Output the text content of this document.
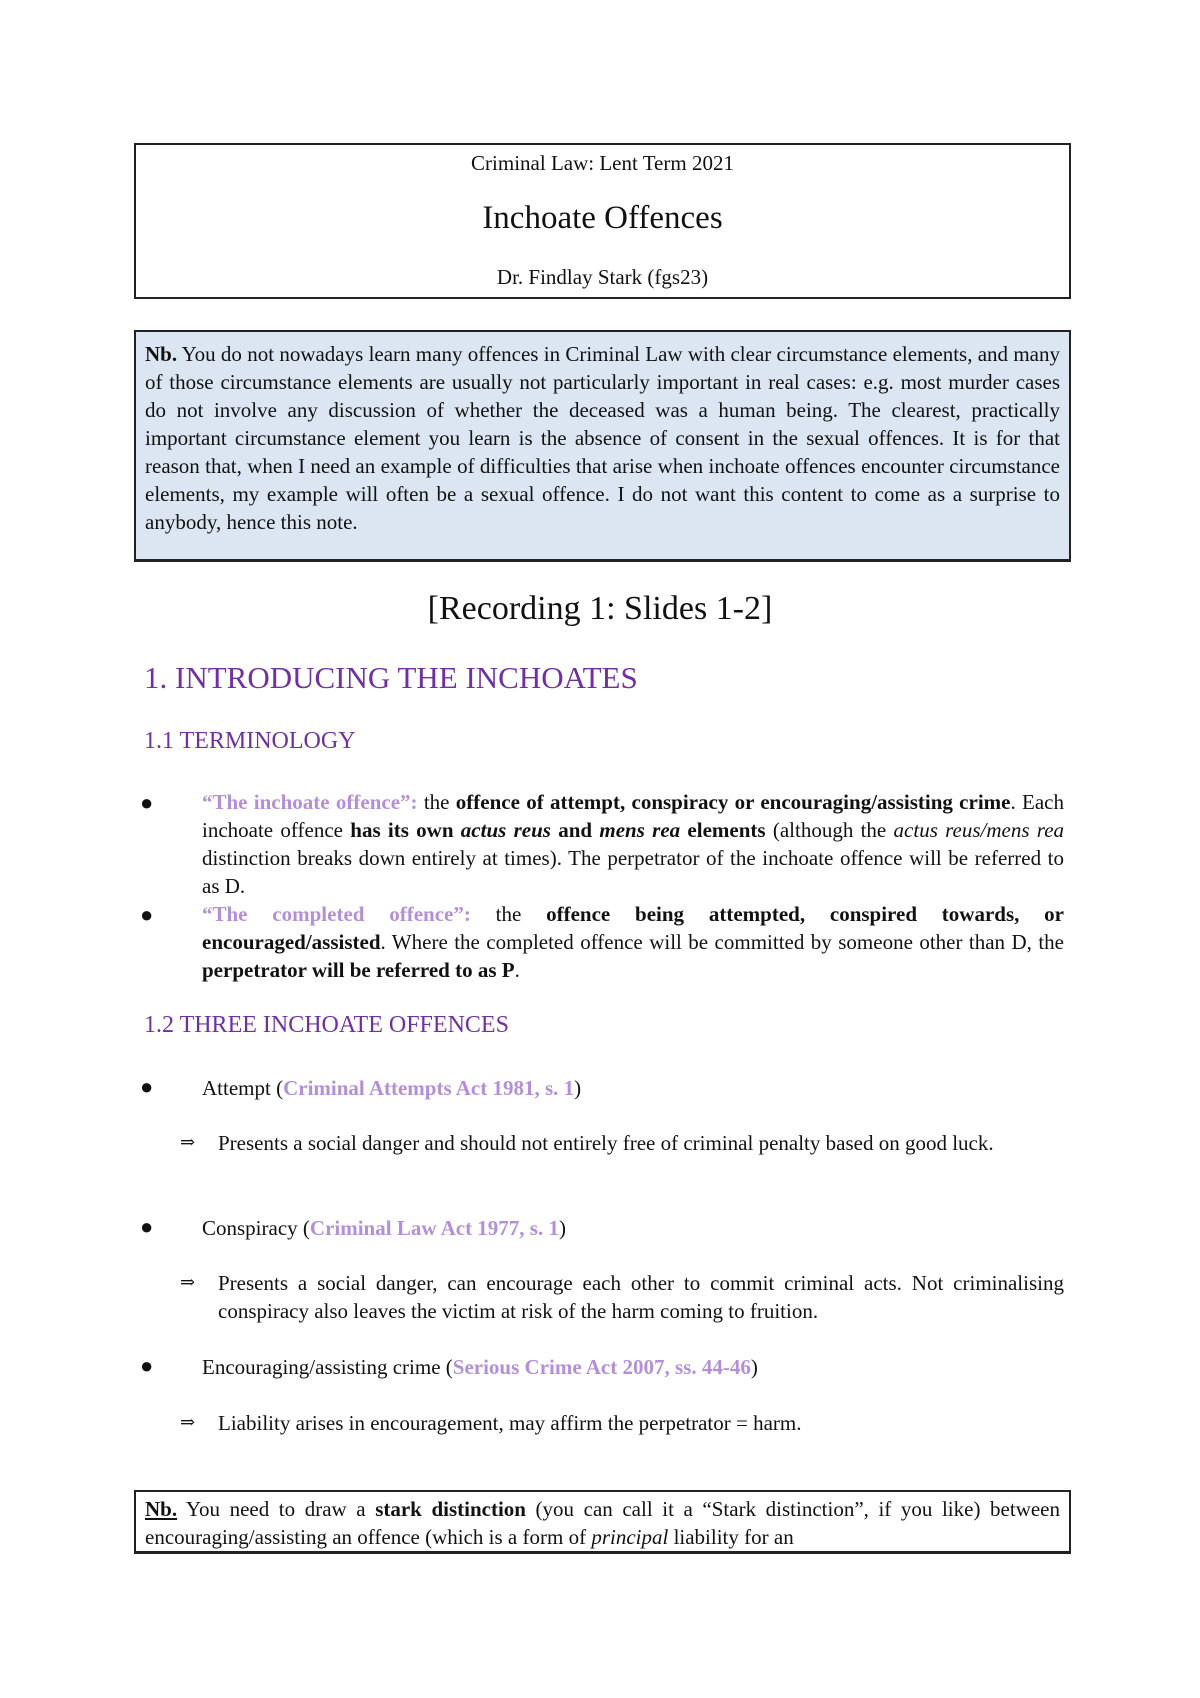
Criminal Law: Lent Term 2021
Inchoate Offences
Dr. Findlay Stark (fgs23)
Nb. You do not nowadays learn many offences in Criminal Law with clear circumstance elements, and many of those circumstance elements are usually not particularly important in real cases: e.g. most murder cases do not involve any discussion of whether the deceased was a human being. The clearest, practically important circumstance element you learn is the absence of consent in the sexual offences. It is for that reason that, when I need an example of difficulties that arise when inchoate offences encounter circumstance elements, my example will often be a sexual offence. I do not want this content to come as a surprise to anybody, hence this note.
[Recording 1: Slides 1-2]
1. INTRODUCING THE INCHOATES
1.1 TERMINOLOGY
● “The inchoate offence”: the offence of attempt, conspiracy or encouraging/assisting crime. Each inchoate offence has its own actus reus and mens rea elements (although the actus reus/mens rea distinction breaks down entirely at times). The perpetrator of the inchoate offence will be referred to as D.
● “The completed offence”: the offence being attempted, conspired towards, or encouraged/assisted. Where the completed offence will be committed by someone other than D, the perpetrator will be referred to as P.
1.2 THREE INCHOATE OFFENCES
● Attempt (Criminal Attempts Act 1981, s. 1)
⇒ Presents a social danger and should not entirely free of criminal penalty based on good luck.
● Conspiracy (Criminal Law Act 1977, s. 1)
⇒ Presents a social danger, can encourage each other to commit criminal acts. Not criminalising conspiracy also leaves the victim at risk of the harm coming to fruition.
● Encouraging/assisting crime (Serious Crime Act 2007, ss. 44-46)
⇒ Liability arises in encouragement, may affirm the perpetrator = harm.
Nb. You need to draw a stark distinction (you can call it a “Stark distinction”, if you like) between encouraging/assisting an offence (which is a form of principal liability for an
